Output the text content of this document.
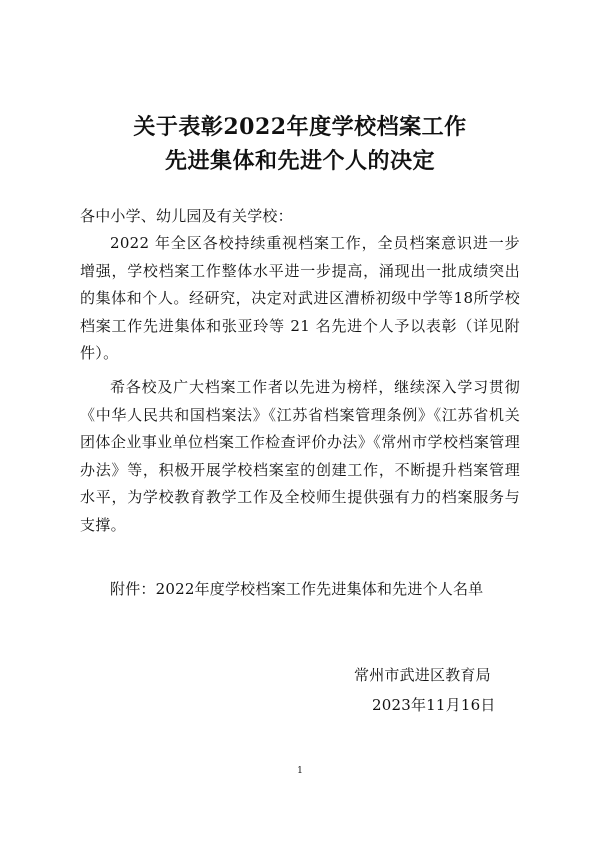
关于表彰2022年度学校档案工作
先进集体和先进个人的决定
各中小学、幼儿园及有关学校：
2022 年全区各校持续重视档案工作，全员档案意识进一步增强，学校档案工作整体水平进一步提高，涌现出一批成绩突出的集体和个人。经研究，决定对武进区漕桥初级中学等18所学校档案工作先进集体和张亚玲等 21 名先进个人予以表彰（详见附件）。
希各校及广大档案工作者以先进为榜样，继续深入学习贯彻《中华人民共和国档案法》《江苏省档案管理条例》《江苏省机关团体企业事业单位档案工作检查评价办法》《常州市学校档案管理办法》等，积极开展学校档案室的创建工作，不断提升档案管理水平，为学校教育教学工作及全校师生提供强有力的档案服务与支撑。
附件：2022年度学校档案工作先进集体和先进个人名单
常州市武进区教育局
2023年11月16日
1
